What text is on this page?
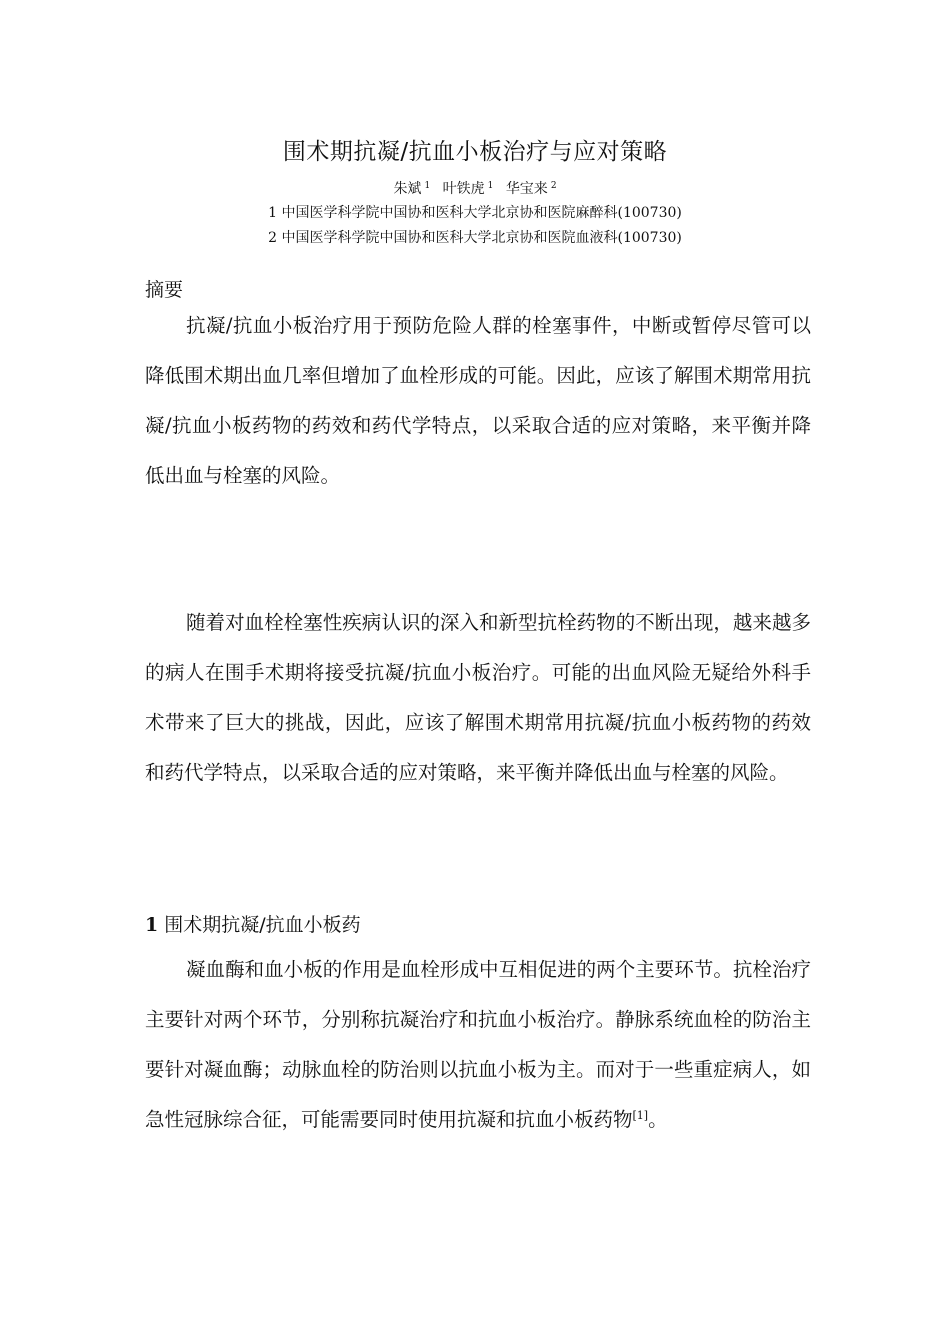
围术期抗凝/抗血小板治疗与应对策略
朱斌 $^1$ 叶铁虎 $^1$ 华宝来 $^2$
1 中国医学科学院中国协和医科大学北京协和医院麻醉科(100730)
2 中国医学科学院中国协和医科大学北京协和医院血液科(100730)
摘要
抗凝/抗血小板治疗用于预防危险人群的栓塞事件，中断或暂停尽管可以降低围术期出血几率但增加了血栓形成的可能。因此，应该了解围术期常用抗凝/抗血小板药物的药效和药代学特点，以采取合适的应对策略，来平衡并降低出血与栓塞的风险。
随着对血栓栓塞性疾病认识的深入和新型抗栓药物的不断出现，越来越多的病人在围手术期将接受抗凝/抗血小板治疗。可能的出血风险无疑给外科手术带来了巨大的挑战，因此，应该了解围术期常用抗凝/抗血小板药物的药效和药代学特点，以采取合适的应对策略，来平衡并降低出血与栓塞的风险。
1 围术期抗凝/抗血小板药
凝血酶和血小板的作用是血栓形成中互相促进的两个主要环节。抗栓治疗主要针对两个环节，分别称抗凝治疗和抗血小板治疗。静脉系统血栓的防治主要针对凝血酶；动脉血栓的防治则以抗血小板为主。而对于一些重症病人，如急性冠脉综合征，可能需要同时使用抗凝和抗血小板药物[1]。
